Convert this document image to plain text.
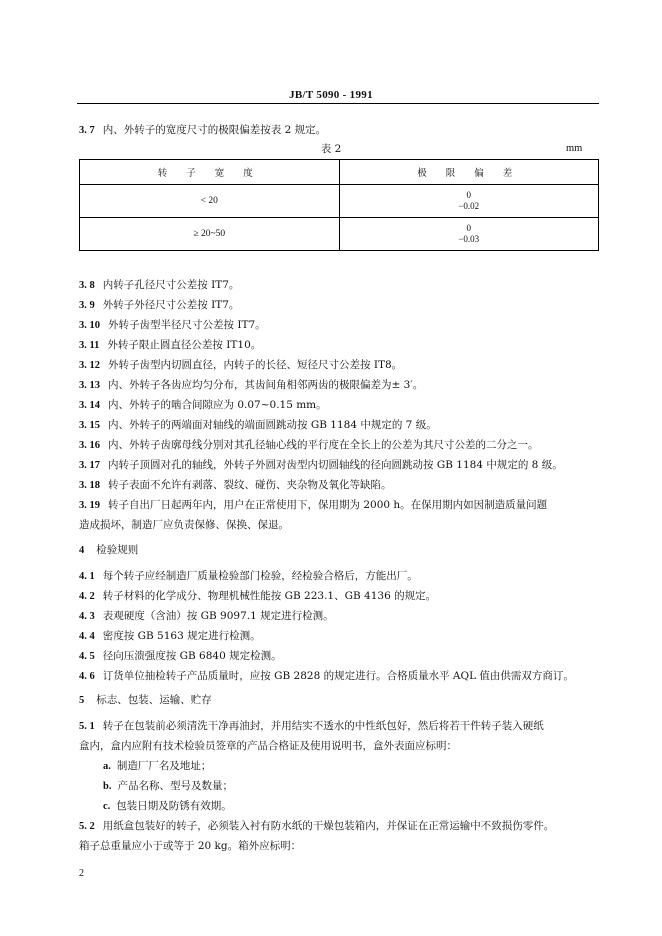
JB/T 5090 - 1991
3. 7 内、外转子的宽度尺寸的极限偏差按表 2 规定。
表 2	mm
转 子 宽 度	极 限 偏 差
< 20	0
−0.02

≥ 20~50	0
−0.03
3. 8 内转子孔径尺寸公差按 IT7。
3. 9 外转子外径尺寸公差按 IT7。
3. 10 外转子齿型半径尺寸公差按 IT7。
3. 11 外转子限止圆直径公差按 IT10。
3. 12 外转子齿型内切圆直径，内转子的长径、短径尺寸公差按 IT8。
3. 13 内、外转子各齿应均匀分布，其齿间角相邻两齿的极限偏差为± 3′。
3. 14 内、外转子的啮合间隙应为 0.07~0.15 mm。
3. 15 内、外转子的两端面对轴线的端面圆跳动按 GB 1184 中规定的 7 级。
3. 16 内、外转子齿廓母线分别对其孔径轴心线的平行度在全长上的公差为其尺寸公差的二分之一。
3. 17 内转子顶圆对孔的轴线，外转子外圆对齿型内切圆轴线的径向圆跳动按 GB 1184 中规定的 8 级。
3. 18 转子表面不允许有剥落、裂纹、碰伤、夹杂物及氧化等缺陷。
3. 19 转子自出厂日起两年内，用户在正常使用下，保用期为 2000 h。在保用期内如因制造质量问题
造成损坏，制造厂应负责保修、保换、保退。
4 检验规则
4. 1 每个转子应经制造厂质量检验部门检验，经检验合格后，方能出厂。
4. 2 转子材料的化学成分、物理机械性能按 GB 223.1、GB 4136 的规定。
4. 3 表观硬度（含油）按 GB 9097.1 规定进行检测。
4. 4 密度按 GB 5163 规定进行检测。
4. 5 径向压溃强度按 GB 6840 规定检测。
4. 6 订货单位抽检转子产品质量时，应按 GB 2828 的规定进行。合格质量水平 AQL 值由供需双方商订。
5 标志、包装、运输、贮存
5. 1 转子在包装前必须清洗干净再油封，并用结实不透水的中性纸包好，然后将若干件转子装入硬纸
盒内，盒内应附有技术检验员签章的产品合格证及使用说明书，盒外表面应标明：
a. 制造厂厂名及地址；
b. 产品名称、型号及数量；
c. 包装日期及防锈有效期。
5. 2 用纸盒包装好的转子，必须装入衬有防水纸的干燥包装箱内，并保证在正常运输中不致损伤零件。
箱子总重量应小于或等于 20 kg。箱外应标明：
2
